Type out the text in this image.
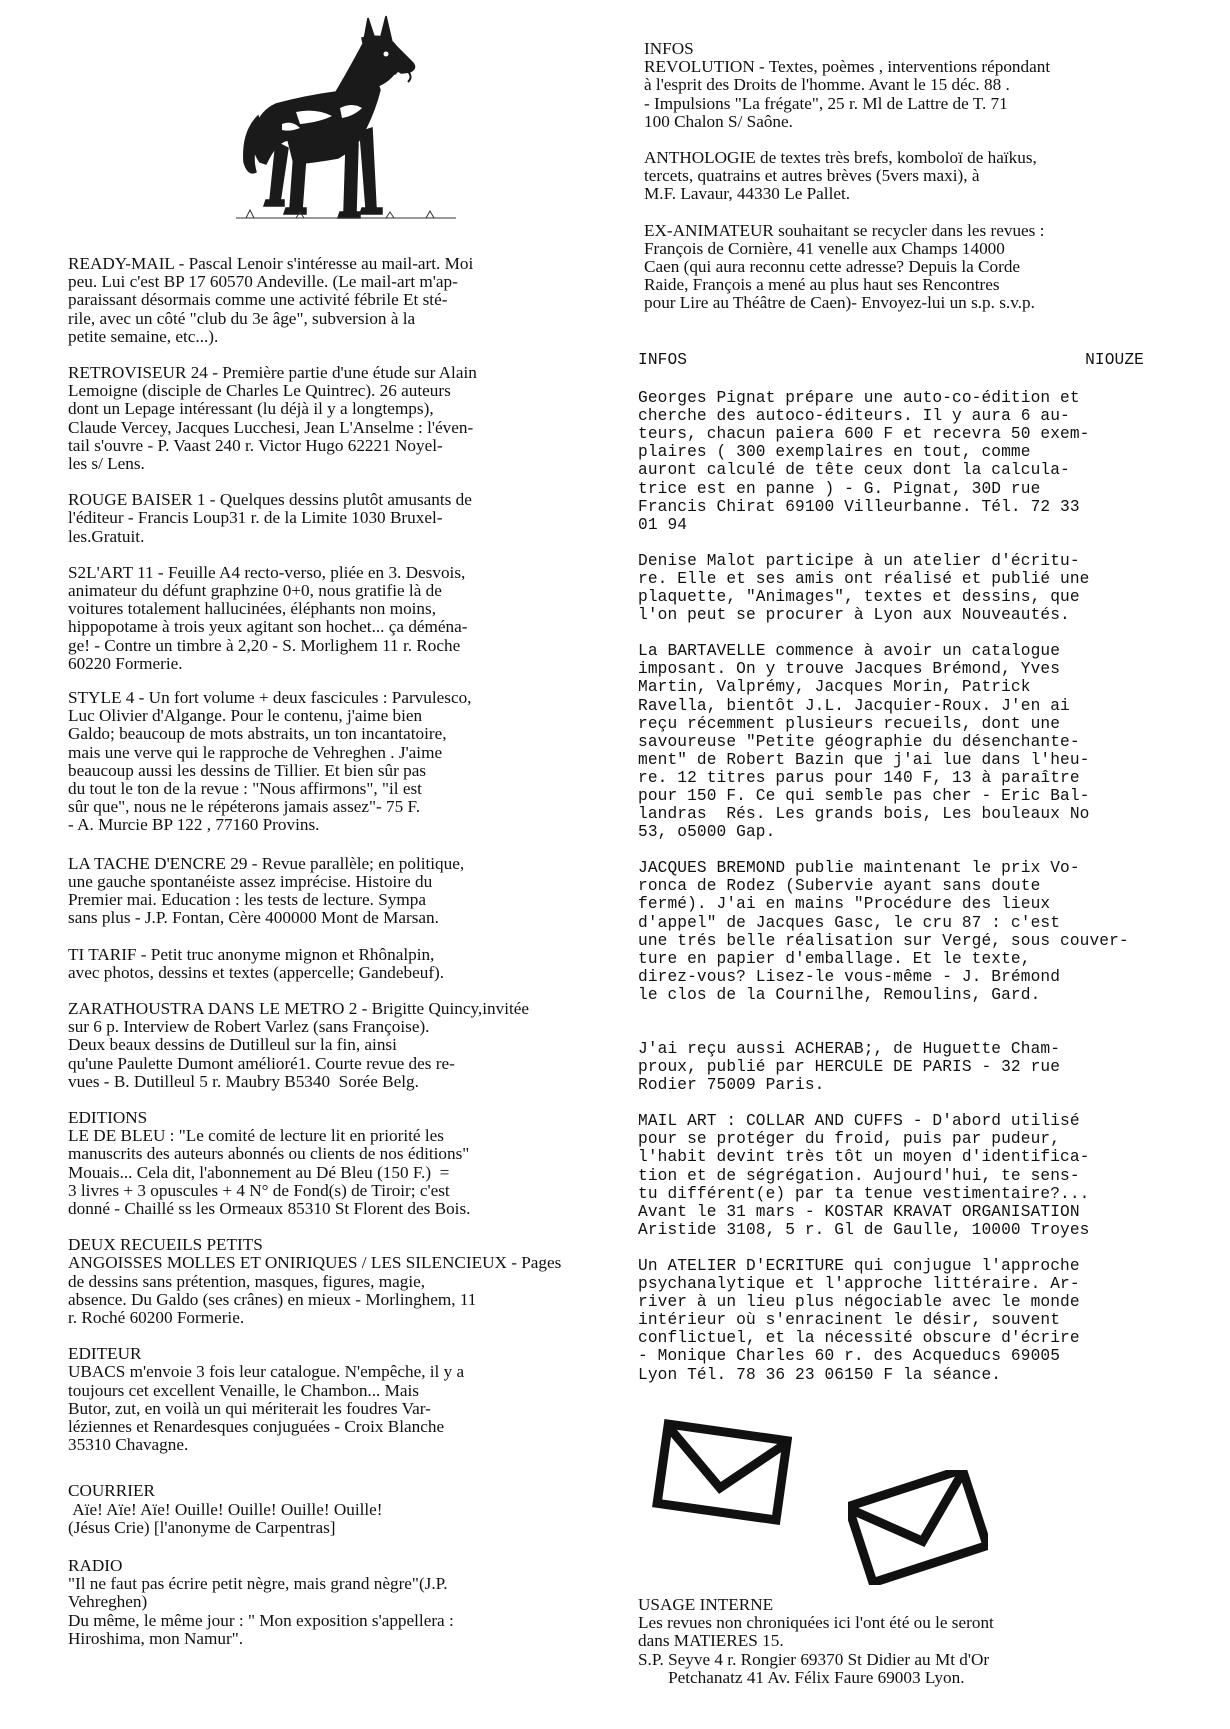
READY-MAIL - Pascal Lenoir s'intéresse au mail-art. Moi
peu. Lui c'est BP 17 60570 Andeville. (Le mail-art m'ap-
paraissant désormais comme une activité fébrile Et sté-
rile, avec un côté "club du 3e âge", subversion à la
petite semaine, etc...).

RETROVISEUR 24 - Première partie d'une étude sur Alain
Lemoigne (disciple de Charles Le Quintrec). 26 auteurs
dont un Lepage intéressant (lu déjà il y a longtemps),
Claude Vercey, Jacques Lucchesi, Jean L'Anselme : l'éven-
tail s'ouvre - P. Vaast 240 r. Victor Hugo 62221 Noyel-
les s/ Lens.

ROUGE BAISER 1 - Quelques dessins plutôt amusants de
l'éditeur - Francis Loup31 r. de la Limite 1030 Bruxel-
les.Gratuit.

S2L'ART 11 - Feuille A4 recto-verso, pliée en 3. Desvois,
animateur du défunt graphzine 0+0, nous gratifie là de
voitures totalement hallucinées, éléphants non moins,
hippopotame à trois yeux agitant son hochet... ça déména-
ge! - Contre un timbre à 2,20 - S. Morlighem 11 r. Roche
60220 Formerie.

STYLE 4 - Un fort volume + deux fascicules : Parvulesco,
Luc Olivier d'Algange. Pour le contenu, j'aime bien
Galdo; beaucoup de mots abstraits, un ton incantatoire,
mais une verve qui le rapproche de Vehreghen . J'aime
beaucoup aussi les dessins de Tillier. Et bien sûr pas
du tout le ton de la revue : "Nous affirmons", "il est
sûr que", nous ne le répéterons jamais assez"- 75 F.
- A. Murcie BP 122 , 77160 Provins.

LA TACHE D'ENCRE 29 - Revue parallèle; en politique,
une gauche spontanéiste assez imprécise. Histoire du
Premier mai. Education : les tests de lecture. Sympa
sans plus - J.P. Fontan, Cère 400000 Mont de Marsan.

TI TARIF - Petit truc anonyme mignon et Rhônalpin,
avec photos, dessins et textes (appercelle; Gandebeuf).

ZARATHOUSTRA DANS LE METRO 2 - Brigitte Quincy,invitée
sur 6 p. Interview de Robert Varlez (sans Françoise).
Deux beaux dessins de Dutilleul sur la fin, ainsi
qu'une Paulette Dumont amélioré1. Courte revue des re-
vues - B. Dutilleul 5 r. Maubry B5340  Sorée Belg.

EDITIONS
LE DE BLEU : "Le comité de lecture lit en priorité les
manuscrits des auteurs abonnés ou clients de nos éditions"
Mouais... Cela dit, l'abonnement au Dé Bleu (150 F.)  =
3 livres + 3 opuscules + 4 N° de Fond(s) de Tiroir; c'est
donné - Chaillé ss les Ormeaux 85310 St Florent des Bois.

DEUX RECUEILS PETITS
ANGOISSES MOLLES ET ONIRIQUES / LES SILENCIEUX - Pages
de dessins sans prétention, masques, figures, magie,
absence. Du Galdo (ses crânes) en mieux - Morlinghem, 11
r. Roché 60200 Formerie.

EDITEUR
UBACS m'envoie 3 fois leur catalogue. N'empêche, il y a
toujours cet excellent Venaille, le Chambon... Mais
Butor, zut, en voilà un qui mériterait les foudres Var-
léziennes et Renardesques conjuguées - Croix Blanche
35310 Chavagne.

COURRIER
Aïe! Aïe! Aïe! Ouille! Ouille! Ouille! Ouille!
(Jésus Crie) [l'anonyme de Carpentras]

RADIO
"Il ne faut pas écrire petit nègre, mais grand nègre"(J.P.
Vehreghen)
Du même, le même jour : " Mon exposition s'appellera :
Hiroshima, mon Namur".

INFOS
REVOLUTION - Textes, poèmes , interventions répondant
à l'esprit des Droits de l'homme. Avant le 15 déc. 88 .
- Impulsions "La frégate", 25 r. Ml de Lattre de T. 71
100 Chalon S/ Saône.

ANTHOLOGIE de textes très brefs, komboloï de haïkus,
tercets, quatrains et autres brèves (5vers maxi), à
M.F. Lavaur, 44330 Le Pallet.

EX-ANIMATEUR souhaitant se recycler dans les revues :
François de Cornière, 41 venelle aux Champs 14000
Caen (qui aura reconnu cette adresse? Depuis la Corde
Raide, François a mené au plus haut ses Rencontres
pour Lire au Théâtre de Caen)- Envoyez-lui un s.p. s.v.p.

INFOS	NIOUZE

Georges Pignat prépare une auto-co-édition et
cherche des autoco-éditeurs. Il y aura 6 au-
teurs, chacun paiera 600 F et recevra 50 exem-
plaires ( 300 exemplaires en tout, comme
auront calculé de tête ceux dont la calcula-
trice est en panne ) - G. Pignat, 30D rue
Francis Chirat 69100 Villeurbanne. Tél. 72 33
01 94

Denise Malot participe à un atelier d'écritu-
re. Elle et ses amis ont réalisé et publié une
plaquette, "Animages", textes et dessins, que
l'on peut se procurer à Lyon aux Nouveautés.

La BARTAVELLE commence à avoir un catalogue
imposant. On y trouve Jacques Brémond, Yves
Martin, Valprémy, Jacques Morin, Patrick
Ravella, bientôt J.L. Jacquier-Roux. J'en ai
reçu récemment plusieurs recueils, dont une
savoureuse "Petite géographie du désenchante-
ment" de Robert Bazin que j'ai lue dans l'heu-
re. 12 titres parus pour 140 F, 13 à paraître
pour 150 F. Ce qui semble pas cher - Eric Bal-
landras  Rés. Les grands bois, Les bouleaux No
53, o5000 Gap.

JACQUES BREMOND publie maintenant le prix Vo-
ronca de Rodez (Subervie ayant sans doute
fermé). J'ai en mains "Procédure des lieux
d'appel" de Jacques Gasc, le cru 87 : c'est
une trés belle réalisation sur Vergé, sous couver-
ture en papier d'emballage. Et le texte,
direz-vous? Lisez-le vous-même - J. Brémond
le clos de la Cournilhe, Remoulins, Gard.

J'ai reçu aussi ACHERAB;, de Huguette Cham-
proux, publié par HERCULE DE PARIS - 32 rue
Rodier 75009 Paris.

MAIL ART : COLLAR AND CUFFS - D'abord utilisé
pour se protéger du froid, puis par pudeur,
l'habit devint très tôt un moyen d'identifica-
tion et de ségrégation. Aujourd'hui, te sens-
tu différent(e) par ta tenue vestimentaire?...
Avant le 31 mars - KOSTAR KRAVAT ORGANISATION
Aristide 3108, 5 r. Gl de Gaulle, 10000 Troyes

Un ATELIER D'ECRITURE qui conjugue l'approche
psychanalytique et l'approche littéraire. Ar-
river à un lieu plus négociable avec le monde
intérieur où s'enracinent le désir, souvent
conflictuel, et la nécessité obscure d'écrire
- Monique Charles 60 r. des Acqueducs 69005
Lyon Tél. 78 36 23 06150 F la séance.

USAGE INTERNE
Les revues non chroniquées ici l'ont été ou le seront
dans MATIERES 15.
S.P. Seyve 4 r. Rongier 69370 St Didier au Mt d'Or
Petchanatz 41 Av. Félix Faure 69003 Lyon.
